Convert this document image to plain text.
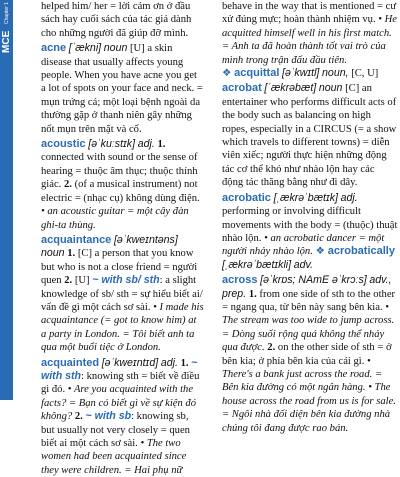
MCE Chapter 1	helped him/ her = lời cảm ơn ở đầu sách hay cuối sách của tác giả dành cho những người đã giúp đỡ mình.

acne [ˈækni] noun [U] a skin disease that usually affects young people. When you have acne you get a lot of spots on your face and neck. = mụn trứng cá; một loại bệnh ngoài da thường gặp ở thanh niên gây những nốt mụn trên mặt và cổ.

acoustic [əˈkuːstɪk] adj. 1. connected with sound or the sense of hearing = thuộc âm thục; thuộc thính giác. 2. (of a musical instrument) not electric = (nhạc cụ) không dùng điện. • an acoustic guitar = một cây đàn ghi-ta thùng.

acquaintance [əˈkweɪntəns] noun 1. [C] a person that you know but who is not a close friend = người quen 2. [U] ~ with sb/ sth: a slight knowledge of sb/ sth = sự hiểu biết ai/ vấn đề gì một cách sơ sài. • I made his acquaintance (= got to know him) at a party in London. = Tôi biết anh ta qua một buổi tiệc ở London.

acquainted [əˈkweɪntɪd] adj. 1. ~ with sth: knowing sth = biết về điều gì đó. • Are you acquainted with the facts? = Bạn có biết gì về sự kiện đó không? 2. ~ with sb: knowing sb, but usually not very closely = quen biết ai một cách sơ sài. • The two women had been acquainted since they were children. = Hai phụ nữ

behave in the way that is mentioned = cư xử đúng mực; hoàn thành nhiệm vụ. • He acquitted himself well in his first match. = Anh ta đã hoàn thành tốt vai trò của mình trong trận đấu đầu tiên.

❖ acquittal [əˈkwɪtl] noun, [C, U]

acrobat [ˈækrəbæt] noun [C] an entertainer who performs difficult acts of the body such as balancing on high ropes, especially in a CIRCUS (= a show which travels to different towns) = diễn viên xiếc; người thực hiện những động tác cơ thể khó như nhào lộn hay các động tác thăng bằng như đi dây.

acrobatic [ˌækrəˈbætɪk] adj. performing or involving difficult movements with the body = (thuộc) thuật nhào lộn. • an acrobatic dancer = một người nhảy nhào lộn. ❖ acrobatically [ˌækrəˈbætɪkli] adv.

across [əˈkrɒs; NAmE əˈkrɔːs] adv., prep. 1. from one side of sth to the other = ngang qua, từ bên này sang bên kia. • The stream was too wide to jump across. = Dòng suối rộng quá không thể nhảy qua được. 2. on the other side of sth = ở bên kia; ở phía bên kia của cái gì. • There's a bank just across the road. = Bên kia đường có một ngân hàng. • The house across the road from us is for sale. = Ngôi nhà đối diện bên kia đường nhà chúng tôi đang được rao bán.
